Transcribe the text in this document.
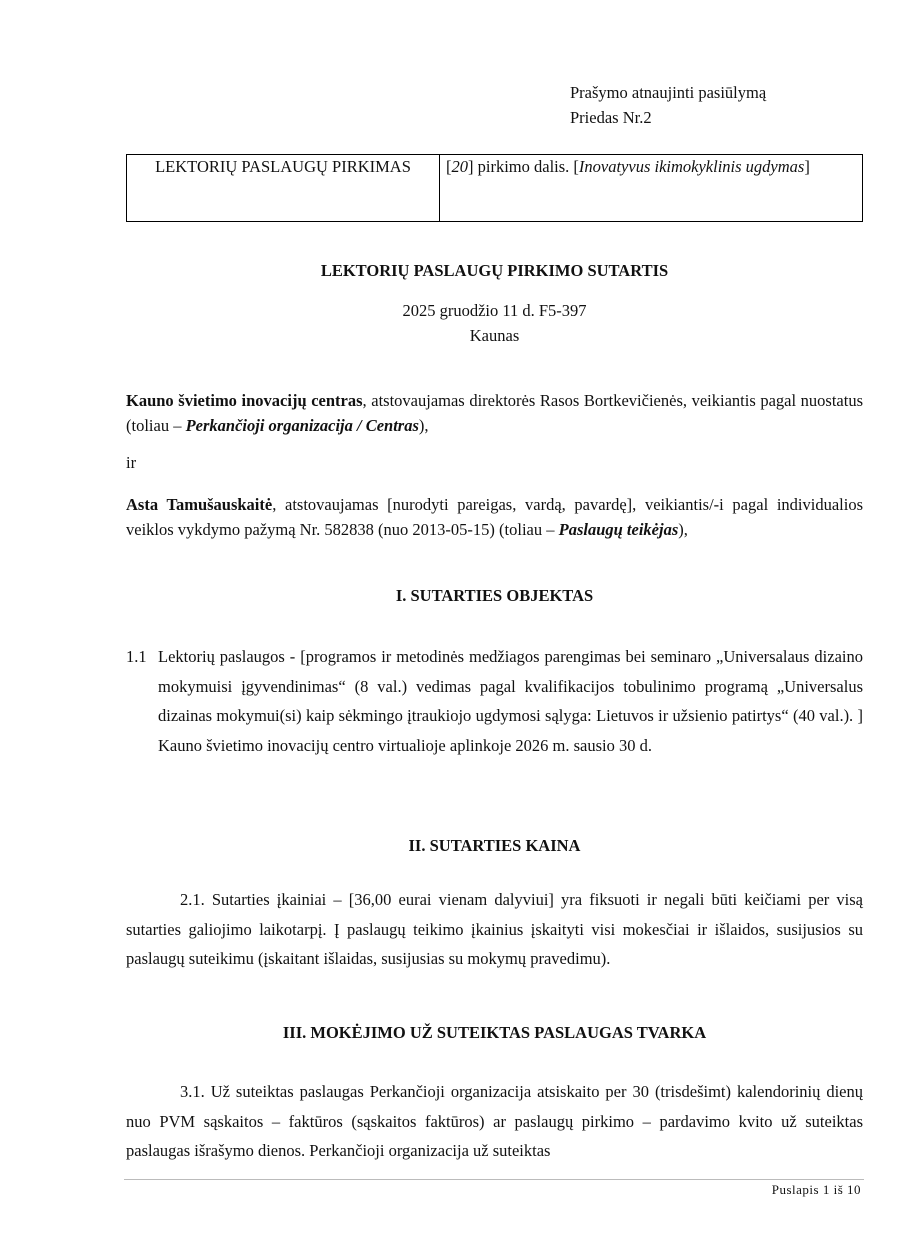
Prašymo atnaujinti pasiūlymą
Priedas Nr.2
LEKTORIŲ PASLAUGŲ PIRKIMAS	[20] pirkimo dalis. [Inovatyvus ikimokyklinis ugdymas]
LEKTORIŲ PASLAUGŲ PIRKIMO SUTARTIS
2025 gruodžio 11 d. F5-397
Kaunas

Kauno švietimo inovacijų centras, atstovaujamas direktorės Rasos Bortkevičienės, veikiantis pagal nuostatus (toliau – Perkančioji organizacija / Centras),

ir

Asta Tamušauskaitė, atstovaujamas [nurodyti pareigas, vardą, pavardę], veikiantis/-i pagal individualios veiklos vykdymo pažymą Nr. 582838 (nuo 2013-05-15) (toliau – Paslaugų teikėjas),

I. SUTARTIES OBJEKTAS
1.1 Lektorių paslaugos - [programos ir metodinės medžiagos parengimas bei seminaro „Universalaus dizaino mokymuisi įgyvendinimas“ (8 val.) vedimas pagal kvalifikacijos tobulinimo programą „Universalus dizainas mokymui(si) kaip sėkmingo įtraukiojo ugdymosi sąlyga: Lietuvos ir užsienio patirtys“ (40 val.). ] Kauno švietimo inovacijų centro virtualioje aplinkoje 2026 m. sausio 30 d.
II. SUTARTIES KAINA

2.1. Sutarties įkainiai – [36,00 eurai vienam dalyviui] yra fiksuoti ir negali būti keičiami per visą sutarties galiojimo laikotarpį. Į paslaugų teikimo įkainius įskaityti visi mokesčiai ir išlaidos, susijusios su paslaugų suteikimu (įskaitant išlaidas, susijusias su mokymų pravedimu).

III. MOKĖJIMO UŽ SUTEIKTAS PASLAUGAS TVARKA

3.1. Už suteiktas paslaugas Perkančioji organizacija atsiskaito per 30 (trisdešimt) kalendorinių dienų nuo PVM sąskaitos – faktūros (sąskaitos faktūros) ar paslaugų pirkimo – pardavimo kvito už suteiktas paslaugas išrašymo dienos. Perkančioji organizacija už suteiktas

Puslapis 1 iš 10
